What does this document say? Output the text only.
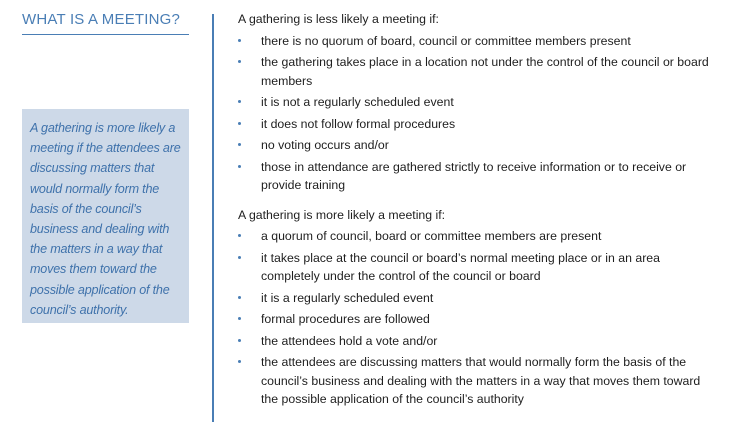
WHAT IS A MEETING?
A gathering is more likely a meeting if the attendees are discussing matters that would normally form the basis of the council’s business and dealing with the matters in a way that moves them toward the possible application of the council’s authority.
A gathering is less likely a meeting if:
there is no quorum of board, council or committee members present
the gathering takes place in a location not under the control of the council or board members
it is not a regularly scheduled event
it does not follow formal procedures
no voting occurs and/or
those in attendance are gathered strictly to receive information or to receive or provide training
A gathering is more likely a meeting if:
a quorum of council, board or committee members are present
it takes place at the council or board’s normal meeting place or in an area completely under the control of the council or board
it is a regularly scheduled event
formal procedures are followed
the attendees hold a vote and/or
the attendees are discussing matters that would normally form the basis of the council’s business and dealing with the matters in a way that moves them toward the possible application of the council’s authority
